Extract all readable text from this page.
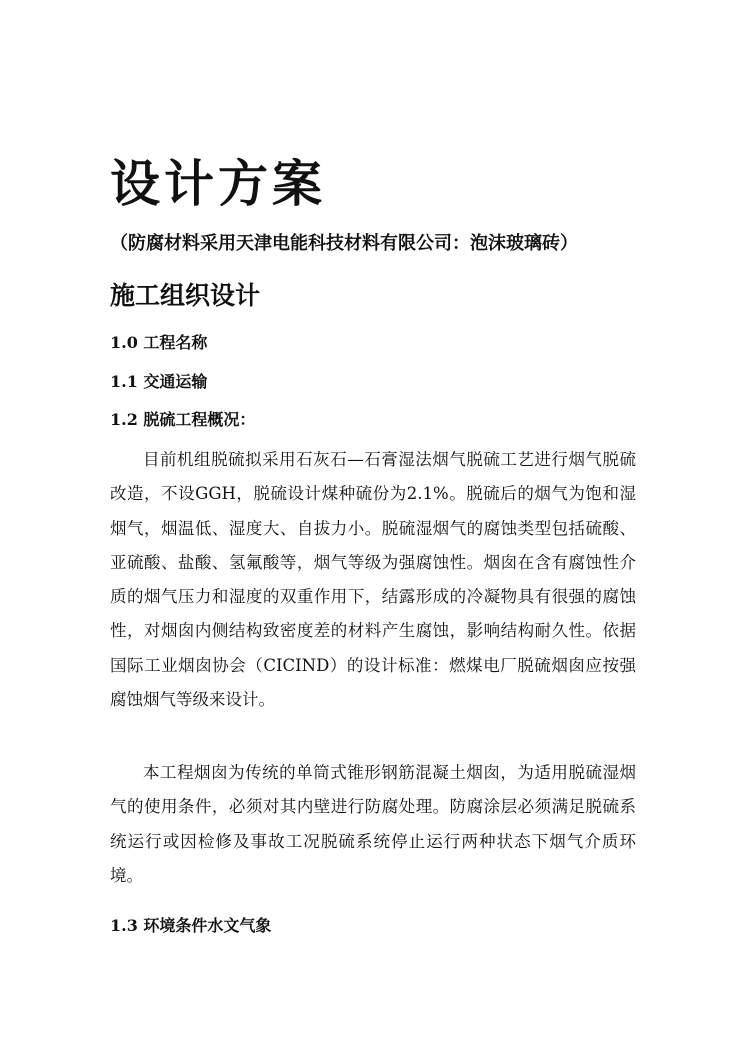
设计方案

（防腐材料采用天津电能科技材料有限公司：泡沫玻璃砖）

施工组织设计
1.0 工程名称
1.1 交通运输
1.2 脱硫工程概况：

目前机组脱硫拟采用石灰石—石膏湿法烟气脱硫工艺进行烟气脱硫改造，不设GGH，脱硫设计煤种硫份为2.1%。脱硫后的烟气为饱和湿烟气，烟温低、湿度大、自拔力小。脱硫湿烟气的腐蚀类型包括硫酸、亚硫酸、盐酸、氢氟酸等，烟气等级为强腐蚀性。烟囱在含有腐蚀性介质的烟气压力和湿度的双重作用下，结露形成的冷凝物具有很强的腐蚀性，对烟囱内侧结构致密度差的材料产生腐蚀，影响结构耐久性。依据国际工业烟囱协会（CICIND）的设计标准：燃煤电厂脱硫烟囱应按强腐蚀烟气等级来设计。

本工程烟囱为传统的单筒式锥形钢筋混凝土烟囱，为适用脱硫湿烟气的使用条件，必须对其内壁进行防腐处理。防腐涂层必须满足脱硫系统运行或因检修及事故工况脱硫系统停止运行两种状态下烟气介质环境。

1.3 环境条件水文气象
